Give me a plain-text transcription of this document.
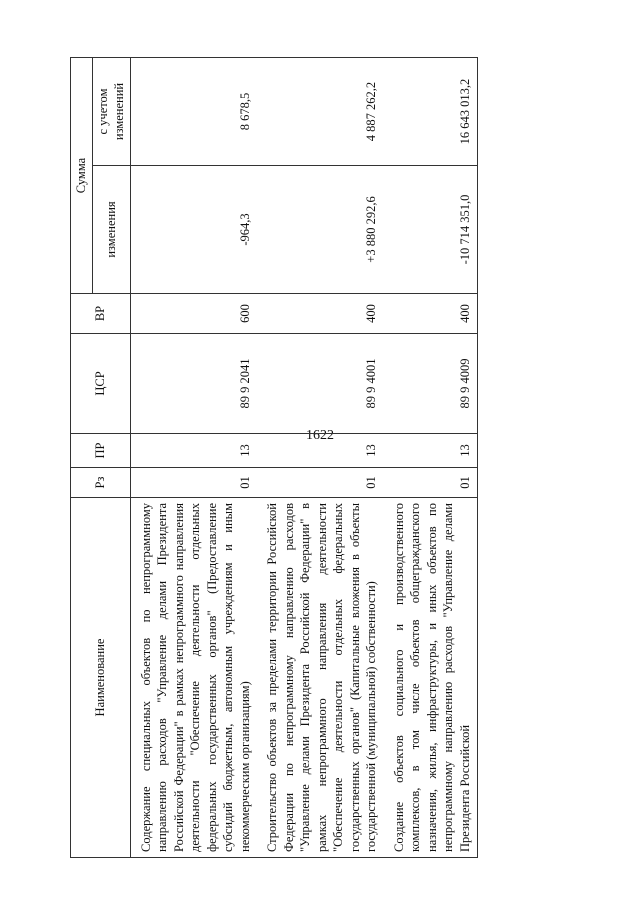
1622
Наименование	Рз	ПР	ЦСР	ВР	Сумма	
					изменения	с учетом изменений
Содержание специальных объектов по непрограммному направлению расходов "Управление делами Президента Российской Федерации" в рамках непрограммного направления деятельности "Обеспечение деятельности отдельных федеральных государственных органов" (Предоставление субсидий бюджетным, автономным учреждениям и иным некоммерческим организациям)	01	13	89 9 2041	600	-964,3	8 678,5
Строительство объектов за пределами территории Российской Федерации по непрограммному направлению расходов "Управление делами Президента Российской Федерации" в рамках непрограммного направления деятельности "Обеспечение деятельности отдельных федеральных государственных органов" (Капитальные вложения в объекты государственной (муниципальной) собственности)	01	13	89 9 4001	400	+3 880 292,6	4 887 262,2
Создание объектов социального и производственного комплексов, в том числе объектов общегражданского назначения, жилья, инфраструктуры, и иных объектов по непрограммному направлению расходов "Управление делами Президента Российской	01	13	89 9 4009	400	-10 714 351,0	16 643 013,2
